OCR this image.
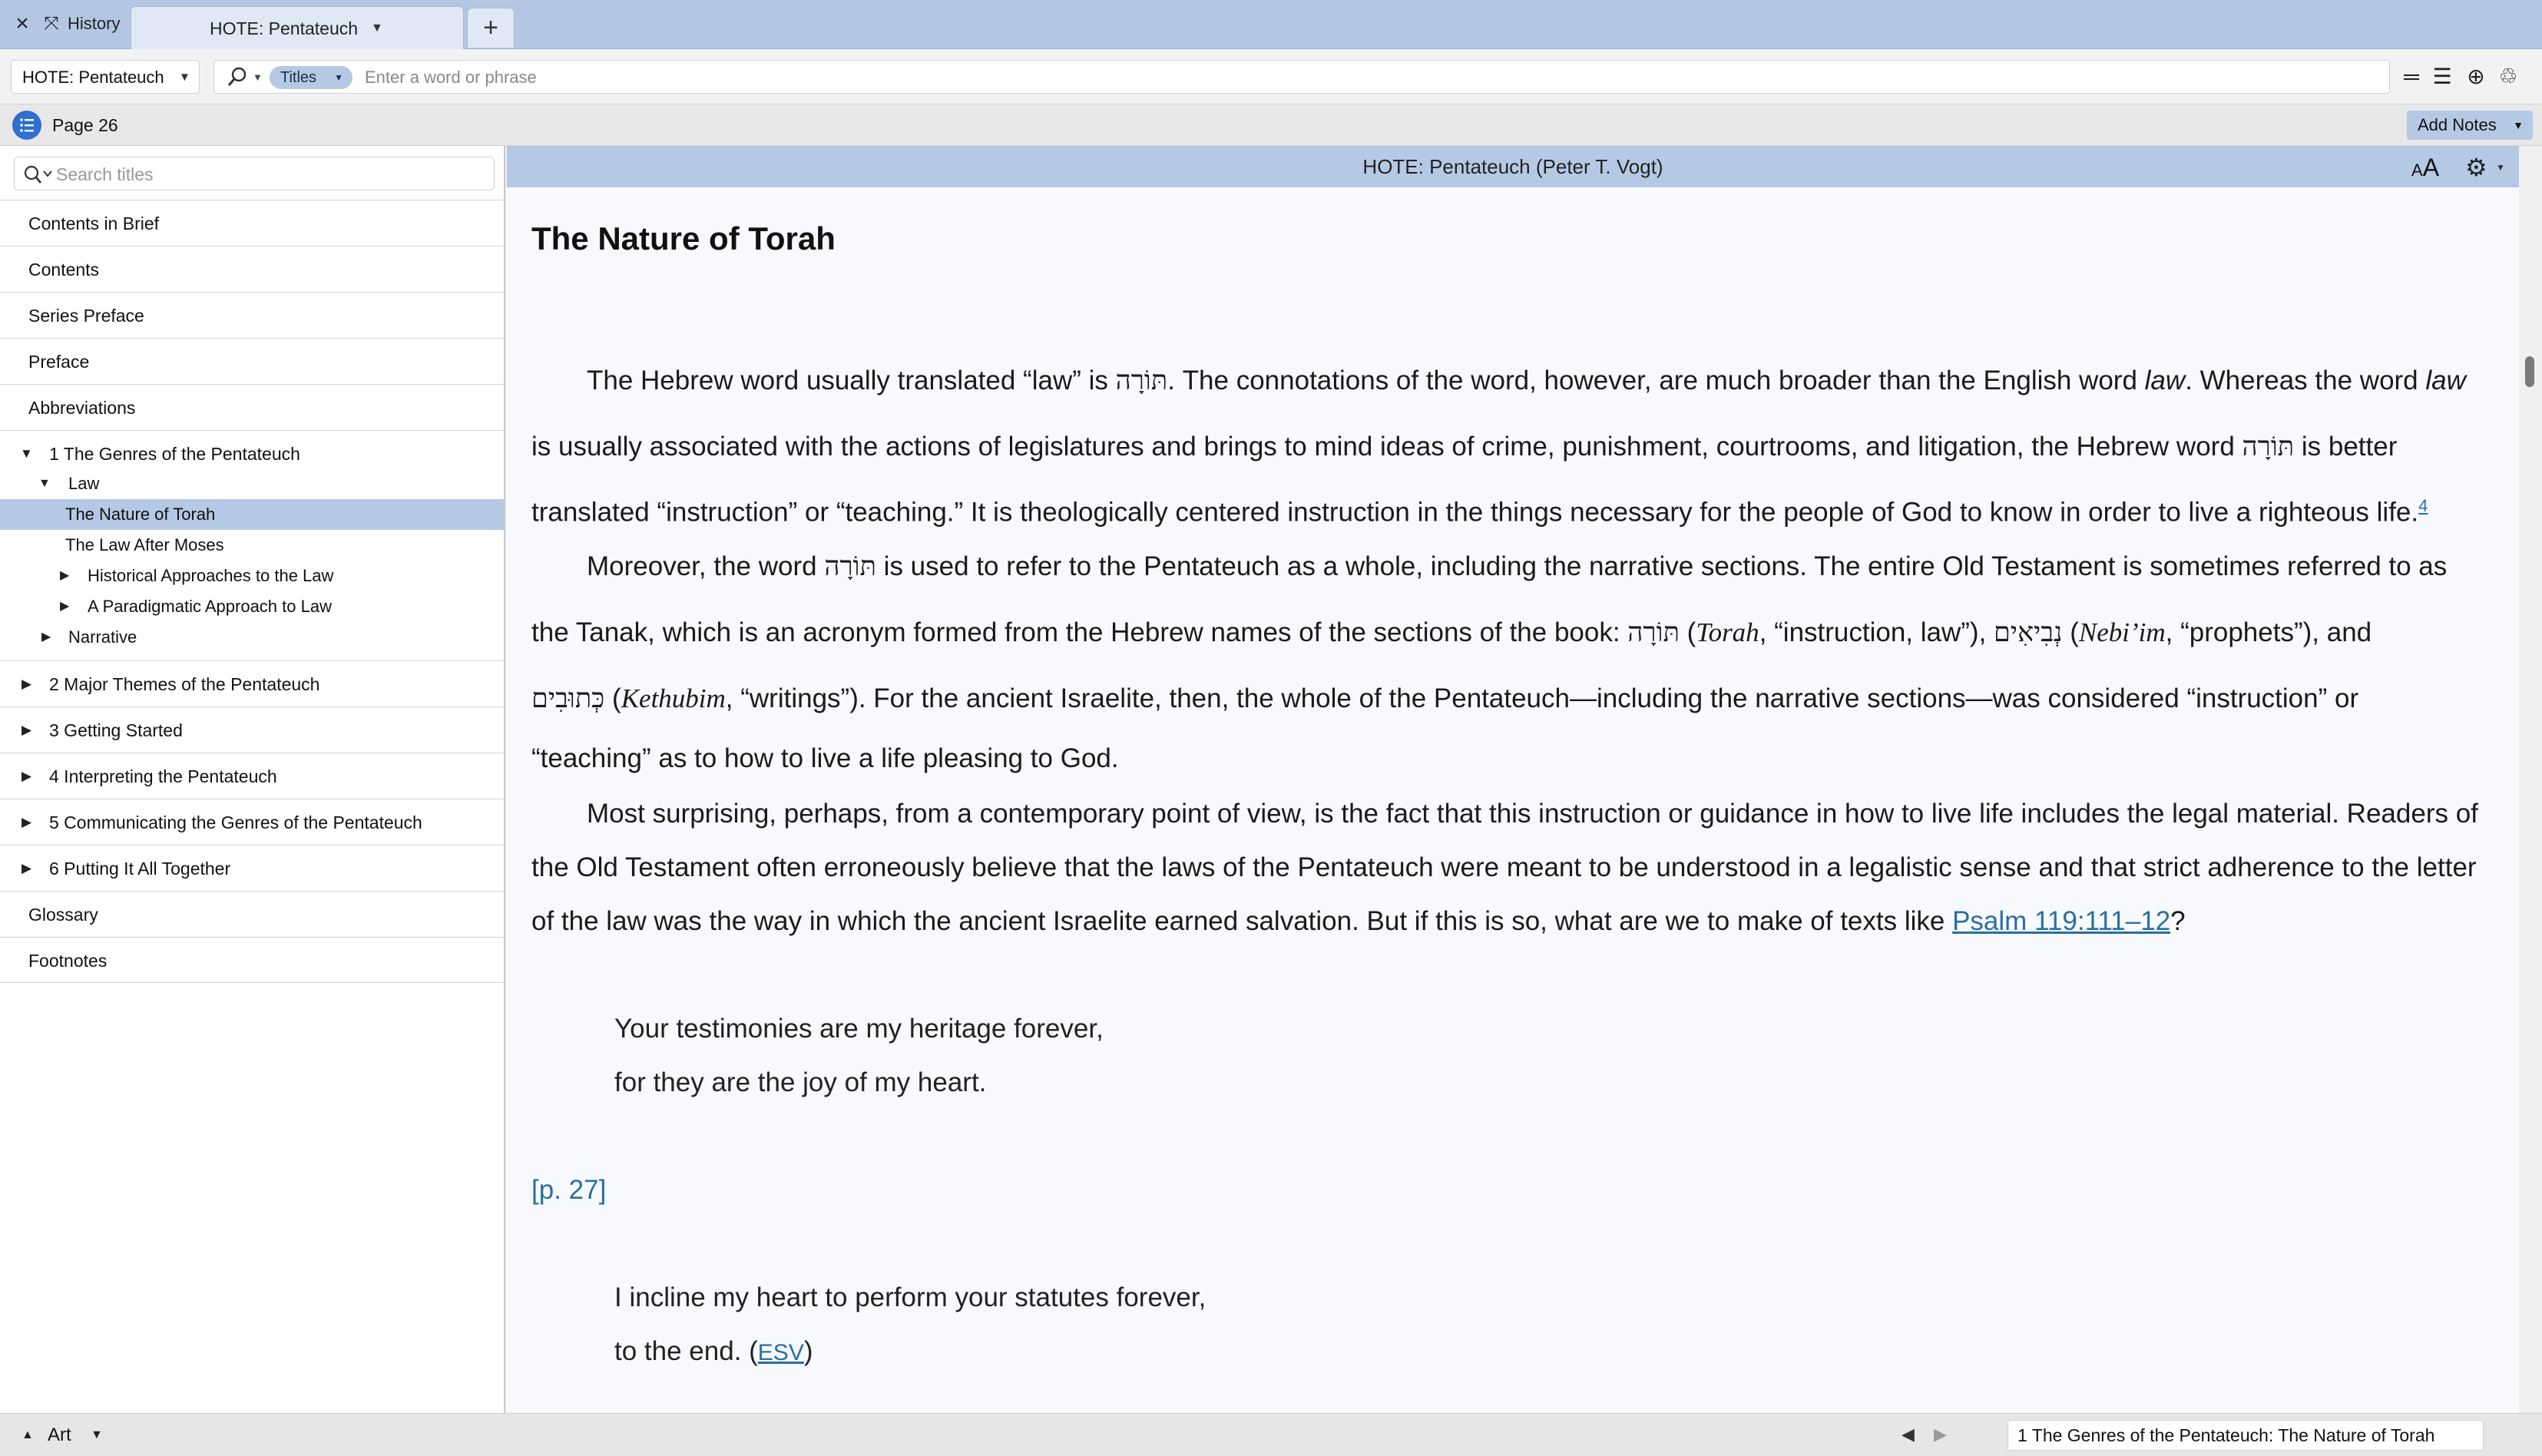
× ⤧ History	HOTE: Pentateuch ▼	+
HOTE: Pentateuch ▼	▼	Titles ▼ Enter a word or phrase	═ ☰ ⊕ ♲
Page 26	Add Notes ▼
Search titles
Contents in Brief
Contents
Series Preface
Preface
Abbreviations
▼ 1 The Genres of the Pentateuch
▼ Law
The Nature of Torah
The Law After Moses
▶ Historical Approaches to the Law
▶ A Paradigmatic Approach to Law
▶ Narrative
▶ 2 Major Themes of the Pentateuch
▶ 3 Getting Started
▶ 4 Interpreting the Pentateuch
▶ 5 Communicating the Genres of the Pentateuch
▶ 6 Putting It All Together
Glossary
Footnotes
HOTE: Pentateuch (Peter T. Vogt)	AA ⚙ ▼
The Nature of Torah
The Hebrew word usually translated “law” is תּוֹרָה. The connotations of the word, however, are much broader than the English word law. Whereas the word law
is usually associated with the actions of legislatures and brings to mind ideas of crime, punishment, courtrooms, and litigation, the Hebrew word תּוֹרָה is better
translated “instruction” or “teaching.” It is theologically centered instruction in the things necessary for the people of God to know in order to live a righteous life.$^4$
Moreover, the word תּוֹרָה is used to refer to the Pentateuch as a whole, including the narrative sections. The entire Old Testament is sometimes referred to as
the Tanak, which is an acronym formed from the Hebrew names of the sections of the book: תּוֹרָה (Torah, “instruction, law”), נְבִיאִים (Nebi’im, “prophets”), and
כְּתוּבִים (Kethubim, “writings”). For the ancient Israelite, then, the whole of the Pentateuch—including the narrative sections—was considered “instruction” or
“teaching” as to how to live a life pleasing to God.
Most surprising, perhaps, from a contemporary point of view, is the fact that this instruction or guidance in how to live life includes the legal material. Readers of
the Old Testament often erroneously believe that the laws of the Pentateuch were meant to be understood in a legalistic sense and that strict adherence to the letter
of the law was the way in which the ancient Israelite earned salvation. But if this is so, what are we to make of texts like Psalm 119:111–12?
Your testimonies are my heritage forever,
for they are the joy of my heart.
[p. 27]
I incline my heart to perform your statutes forever,
to the end. (ESV)
▲ Art ▼	◀ ▶	1 The Genres of the Pentateuch: The Nature of Torah
